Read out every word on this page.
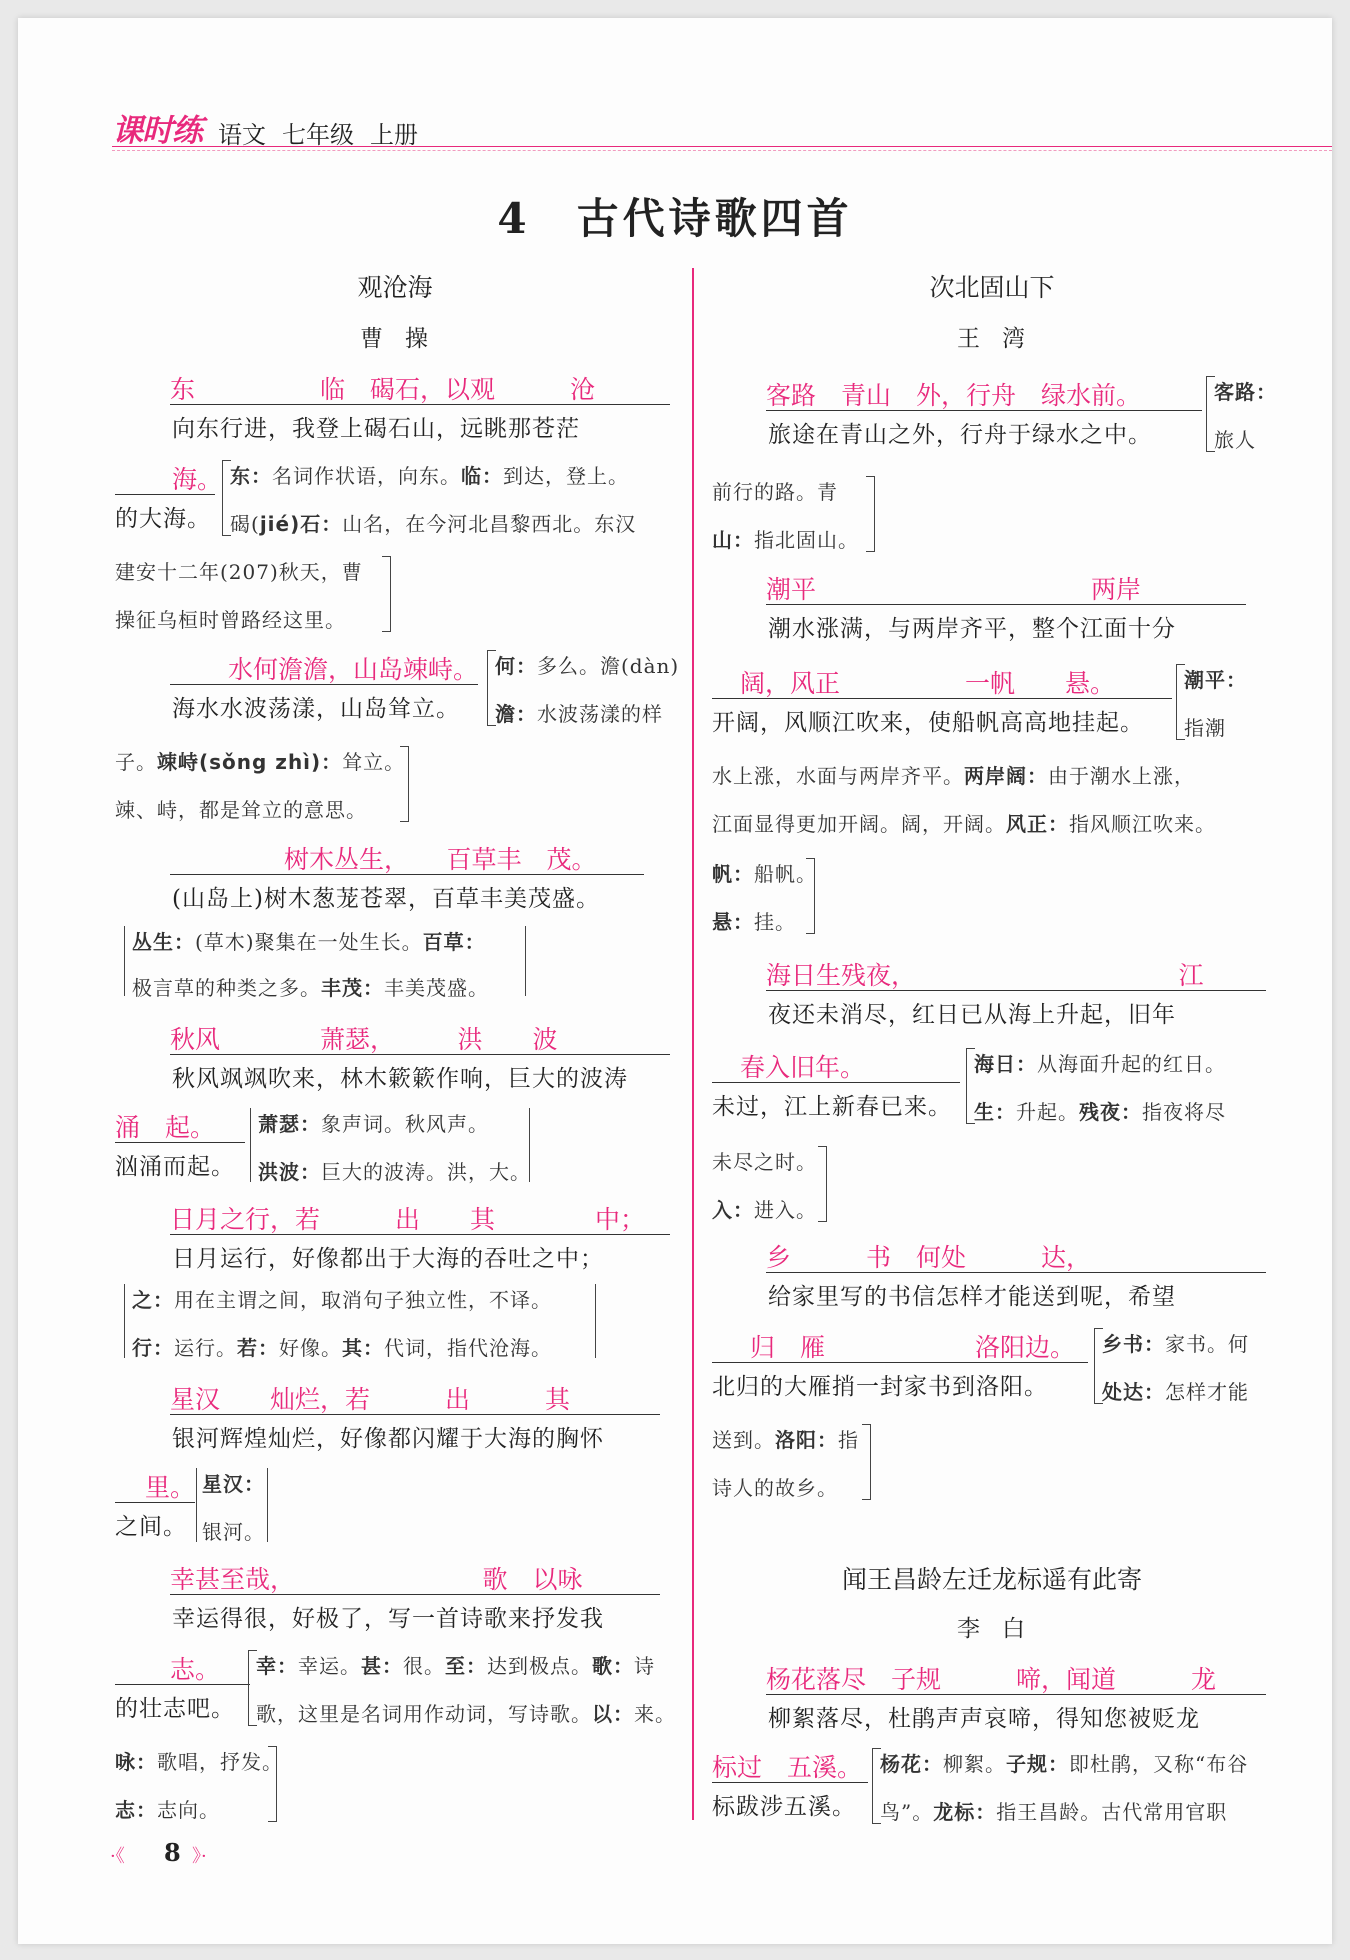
课时练 语文 七年级 上册
4　古代诗歌四首
观沧海
曹操
东　　　　　临　碣石，以观　　　沧
向东行进，我登上碣石山，远眺那苍茫
海。
的大海。
东：名词作状语，向东。临：到达，登上。
碣(jié)石：山名，在今河北昌黎西北。东汉
建安十二年(207)秋天，曹
操征乌桓时曾路经这里。
水何澹澹，山岛竦峙。
海水水波荡漾，山岛耸立。
何：多么。澹(dàn)
澹：水波荡漾的样
子。竦峙(sǒng zhì)：耸立。
竦、峙，都是耸立的意思。
树木丛生，　　百草丰　茂。
(山岛上)树木葱茏苍翠，百草丰美茂盛。
丛生：(草木)聚集在一处生长。百草：
极言草的种类之多。丰茂：丰美茂盛。
秋风　　　　萧瑟，　　　洪　　波
秋风飒飒吹来，林木簌簌作响，巨大的波涛
涌　起。
汹涌而起。
萧瑟：象声词。秋风声。
洪波：巨大的波涛。洪，大。
日月之行，若　　　出　　其　　　　中；
日月运行，好像都出于大海的吞吐之中；
之：用在主谓之间，取消句子独立性，不译。
行：运行。若：好像。其：代词，指代沧海。
星汉　　灿烂，若　　　出　　　其
银河辉煌灿烂，好像都闪耀于大海的胸怀
里。
之间。
星汉：
银河。
幸甚至哉，　　　　　　　　歌　以咏
幸运得很，好极了，写一首诗歌来抒发我
志。
的壮志吧。
幸：幸运。甚：很。至：达到极点。歌：诗
歌，这里是名词用作动词，写诗歌。以：来。
咏：歌唱，抒发。
志：志向。
次北固山下
王湾
客路　青山　外，行舟　绿水前。
旅途在青山之外，行舟于绿水之中。
客路：
旅人
前行的路。青
山：指北固山。
潮平　　　　　　　　　　　两岸
潮水涨满，与两岸齐平，整个江面十分
阔，风正　　　　　一帆　　悬。
开阔，风顺江吹来，使船帆高高地挂起。
潮平：
指潮
水上涨，水面与两岸齐平。两岸阔：由于潮水上涨，
江面显得更加开阔。阔，开阔。风正：指风顺江吹来。
帆：船帆。
悬：挂。
海日生残夜，　　　　　　　　　　　江
夜还未消尽，红日已从海上升起，旧年
春入旧年。
未过，江上新春已来。
海日：从海面升起的红日。
生：升起。残夜：指夜将尽
未尽之时。
入：进入。
乡　　　书　何处　　　达，
给家里写的书信怎样才能送到呢，希望
归　雁　　　　　　洛阳边。
北归的大雁捎一封家书到洛阳。
乡书：家书。何
处达：怎样才能
送到。洛阳：指
诗人的故乡。
闻王昌龄左迁龙标遥有此寄
李白
杨花落尽　子规　　　啼，闻道　　　龙
柳絮落尽，杜鹃声声哀啼，得知您被贬龙
标过　五溪。
标跋涉五溪。
杨花：柳絮。子规：即杜鹃，又称“布谷
鸟”。龙标：指王昌龄。古代常用官职
·《 8 》·
